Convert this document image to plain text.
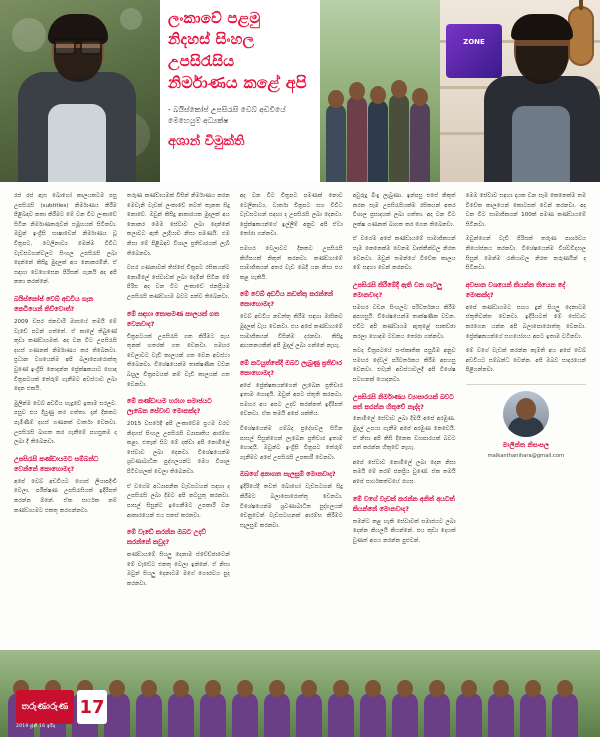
ලංකාවේ පළමු
නිදහස් සිංහල
උපසිරැසිය
නිර්මාණය කළේ අපි
- බයිස්කෝප් උපසිරැසි වෙබ් අඩවියේ මෙහෙයුම් අධ්‍යක්ෂ
අශාන් විමුක්ති
ZONE

රජ රජ ඇස බොහෝ කාලයකටම පසු උපසිරැසි (subtitles) නිර්මාණය කිරීම පිළිබඳව කතා කිරීමට මේ වන විට ලංකාවේ සිටින නිර්මාණකරුවන් සමූහයක් සිටිනවා. ඔවුන් ඉංග්‍රීසි භාෂාවෙන් නිර්මාණය වූ චිත්‍රපට, ටෙලිනාට්‍ය මෙන්ම විවිධ වැඩසටහන්වලට සිංහල උපසිරැසි ලබා දෙන්නේ කිසිදු මුදලක් අය නොකරමිනි. ඒ සඳහා වෙහෙසෙන පිරිසක් ගැනයි අද අපි කතා කරන්නේ.

බයිස්කෝප් වෙබ් අඩවිය ගැන කෙටියෙන් කිව්වොත්?

2009 වසර ජනවාරි මාසයේ තමයි මේ වැඩේ පටන් ගත්තේ. ඒ කාලේ තිබුණේ කුඩා කණ්ඩායමක්. අද වන විට උපසිරැසි දහස් ගණනක් නිර්මාණය කර තිබෙනවා. ප්‍රධාන වශයෙන්ම අපි බලාපොරොත්තු වුණේ ඉංග්‍රීසි නොදන්න ප්‍රේක්ෂකයාට හොඳ චිත්‍රපටයක් තේරුම් ගැනීමට අවස්ථාව ලබා දෙන එකයි.

මුලින්ම වෙබ් අඩවිය හැදුවේ ඉතාම සරලව. පසුව එය දියුණු කර ගත්තා. දැන් දිනකට පැමිණීම් දහස් ගණනක් වාර්තා වෙනවා. උපසිරැසි බාගත කර ගැනීමේ පහසුකම ද ලබා දී තිබෙනවා.

උපසිරැසි කණ්ඩායමට සම්බන්ධ වෙන්නේ කොහොමද?

අපේ වෙබ් අඩවියට ගොස් ලියාපදිංචි වෙලා, පරීක්ෂණ උපසිරැසියක් ඉදිරිපත් කරන්න ඕනේ. ඒක සාර්ථක නම් කණ්ඩායමට එකතු කරගන්නවා.

තරුණ කණ්ඩායමක් විසින් නිර්මාණය කරන මෙවැනි වැඩක් ලංකාවේ තවත් තැනක සිදු නොවේ. ඔවුන් කිසිදු ආකාරයක මුදලක් අය නොකර මෙම සේවාව ලබා දෙන්නේ කලාවට ඇති ලැදියාව නිසා පමණයි. එම නිසා මේ පිළිබඳව විශාල ප්‍රතිචාරයක් ලැබී තිබෙනවා.

වසර ගණනාවක් තිස්සේ චිත්‍රපට රසිකයන්ට නොමිලේ සේවාවක් ලබා දෙමින් සිටින මේ පිරිස අද වන විට ලංකාවේ ජනප්‍රියම උපසිරැසි කණ්ඩායම බවට පත්ව තිබෙනවා.

මේ සඳහා කොපමණ කාලයක් ගත වෙනවාද?

චිත්‍රපටයක් උපසිරැසි ගත කිරීමට පැය තුනක් හතරක් ගත වෙනවා. සමහර වෙලාවට වැඩි කාලයක් ගත වෙන අවස්ථා තිබෙනවා. විශේෂයෙන්ම තාක්ෂණික වචන බහුල චිත්‍රපටයක් නම් වැඩි කාලයක් ගත වෙනවා.

මේ කණ්ඩායම හරහා සමාජයට ලැබෙන සේවාව මොකක්ද?

2015 වසරේදී අපි ලංකාවේම ප්‍රථම වරට නිදහස් සිංහල උපසිරැසි ව්‍යාපෘතිය ආරම්භ කළා. එතැන් සිට මේ දක්වා අපි නොමිලේ සේවාව ලබා දෙනවා. විශේෂයෙන්ම ශ්‍රවණාබාධිත පුද්ගලයන්ට මෙය විශාල පිටිවහලක් වෙලා තිබෙනවා.

ඒ වගේම අධ්‍යාපනික වැඩසටහන් සඳහා ද උපසිරැසි ලබා දීමට අපි කටයුතු කරනවා. පාසල් සිසුන්ට ඉගෙනීමට උපකාරී වන ආකාරයෙන් එය සකස් කරනවා.

මේ වැඩේ කරන්න ඔබට උදව් කරන්නේ කවුද?

කණ්ඩායමේ සියලු දෙනාම ස්වේච්ඡාවෙන් මේ වැඩේට එකතු වෙලා ඉන්නේ. ඒ නිසා ඔවුන් සියලු දෙනාටම මගේ ගෞරවය පුද කරනවා.

අද වන විට චිත්‍රපට පමණක් නොව ටෙලිනාට්‍ය, වාර්තා චිත්‍රපට සහ විවිධ වැඩසටහන් සඳහා ද උපසිරැසි ලබා දෙනවා. ප්‍රේක්ෂකයන්ගේ ඉල්ලීම් අනුව අපි ඒවා තෝරා ගන්නවා.

සමහර වෙලාවට දිනකට උපසිරැසි කිහිපයක් නිකුත් කරනවා. කණ්ඩායමේ සාමාජිකයන් අතර වැඩ බෙදී යන නිසා එය කළ හැකියි.

මේ වෙබ් අඩවිය නඩත්තු කරන්නේ කොහොමද?

වෙබ් අඩවිය නඩත්තු කිරීම සඳහා මාසිකව මුදලක් වැය වෙනවා. එය අපේ කණ්ඩායමේ සාමාජිකයන් විසින්ම දරනවා. කිසිදු ආයතනයකින් අපි මුදල් ලබා ගන්නේ නැහැ.

මේ කටයුත්තේදී ඔබට ලැබුණු ප්‍රතිචාර කොහොමද?

අපේ ප්‍රේක්ෂකයන්ගෙන් ලැබෙන ප්‍රතිචාර ඉතාම හොඳයි. ඔවුන් අපට ස්තූති කරනවා. සමහර අය අපට උදව් කරන්නත් ඉදිරිපත් වෙනවා. ඒක තමයි අපේ ශක්තිය.

විශේෂයෙන්ම ගම්බද ප්‍රදේශවල සිටින පාසල් සිසුන්ගෙන් ලැබෙන ප්‍රතිචාර ඉතාම හොඳයි. ඔවුන්ට ඉංග්‍රීසි චිත්‍රපට තේරුම් ගැනීමට අපේ උපසිරැසි උපකාරී වෙනවා.

ඔබගේ අනාගත සැලසුම් මොනවාද?

ඉදිරියේදී තවත් බොහෝ වැඩසටහන් සිදු කිරීමට බලාපොරොත්තු වෙනවා. විශේෂයෙන්ම ශ්‍රවණාබාධිත පුද්ගලයන් වෙනුවෙන් වැඩසටහනක් ආරම්භ කිරීමට සැලසුම් කරනවා.

අවුරුදු බිංදු ලැබුණා. ඉන්පසු එසේ නිකුත් කරන සෑම උපසිරැසියක්ම රසිකයන් අතර විශාල ප්‍රසාදයක් ලබා ගත්තා. අද වන විට ලක්ෂ ගණනක් බාගත කර ගෙන තිබෙනවා.

ඒ වගේම අපේ කණ්ඩායමේ සාමාජිකයන් සෑම කෙනෙක්ම වෙනම වෘත්තීන්වල නිරත වෙනවා. ඔවුන් තමන්ගේ විවේක කාලය මේ සඳහා වෙන් කරනවා.

උපසිරැසි කිරීමේදී ඇති වන ගැටලු මොනවාද?

සමහර වචන සිංහලට පරිවර්තනය කිරීම අපහසුයි. විශේෂයෙන්ම තාක්ෂණික වචන. එවිට අපි කණ්ඩායම ඇතුළේ සාකච්ඡා කරලා හොඳම වචනය තෝරා ගන්නවා.

තවද චිත්‍රපටයේ සංස්කෘතික පසුබිම අනුව සමහර දේවල් පරිවර්තනය කිරීම අපහසු වෙනවා. එවැනි අවස්ථාවලදී අපි විශේෂ සටහනක් යොදනවා.

උපසිරැසි නිර්මාණය ව්‍යාපාරයක් බවට පත් කරන්න හිතුවේ නැද්ද?

නොමිලේ සේවාව ලබා දීමයි අපේ අරමුණ. මුදල් උපයා ගැනීම අපේ අරමුණ නෙවෙයි. ඒ නිසා අපි කිසි දිනෙක ව්‍යාපාරයක් බවට පත් කරන්න හිතුවේ නැහැ.

අපේ සේවාව නොමිලේ ලබා දෙන නිසා තමයි මේ තරම් ජනප්‍රිය වුණේ. ඒක තමයි අපේ සාර්ථකත්වයේ රහස.

මේ වගේ වැඩක් කරන්න අනිත් අයටත් කියන්නේ මොනවාද?

තමන්ට කළ හැකි සේවාවක් සමාජයට ලබා දෙන්න කියලයි කියන්නේ. එය කුඩා දෙයක් වුණත් අගය කරන්න පුළුවන්.

මෙම සේවාව සඳහා දායක වන සෑම කෙනෙක්ම තම විවේක කාලයෙන් කොටසක් වෙන් කරනවා. අද වන විට සාමාජිකයන් 100ක් පමණ කණ්ඩායමේ සිටිනවා.

ඔවුන්ගෙන් වැඩි පිරිසක් තරුණ පාර්ශවය නියෝජනය කරනවා. විශේෂයෙන්ම විශ්වවිද්‍යාල සිසුන් මෙන්ම රැකියාවල නිරත තරුණයින් ද සිටිනවා.

අවසාන වශයෙන් කියන්න තියෙන දේ මොකක්ද?

අපේ කණ්ඩායමට සහය දුන් සියලු දෙනාටම ස්තූතිවන්ත වෙනවා. ඉදිරියටත් මේ සේවාව කරගෙන යන්න අපි බලාපොරොත්තු වෙනවා. ප්‍රේක්ෂකයන්ගේ සහයෝගය අපට ඉතාම වටිනවා.

මේ වගේ වැඩක් කරන්න කැමති අය අපේ වෙබ් අඩවියට සම්බන්ධ වෙන්න. අපි ඔබව සාදරයෙන් පිළිගන්නවා.

මාලින්ත නිසංසල
malkanthanihara@gmail.com
තරුණාරුණ 17
2019 ජූනි 16 ඉරිදා
